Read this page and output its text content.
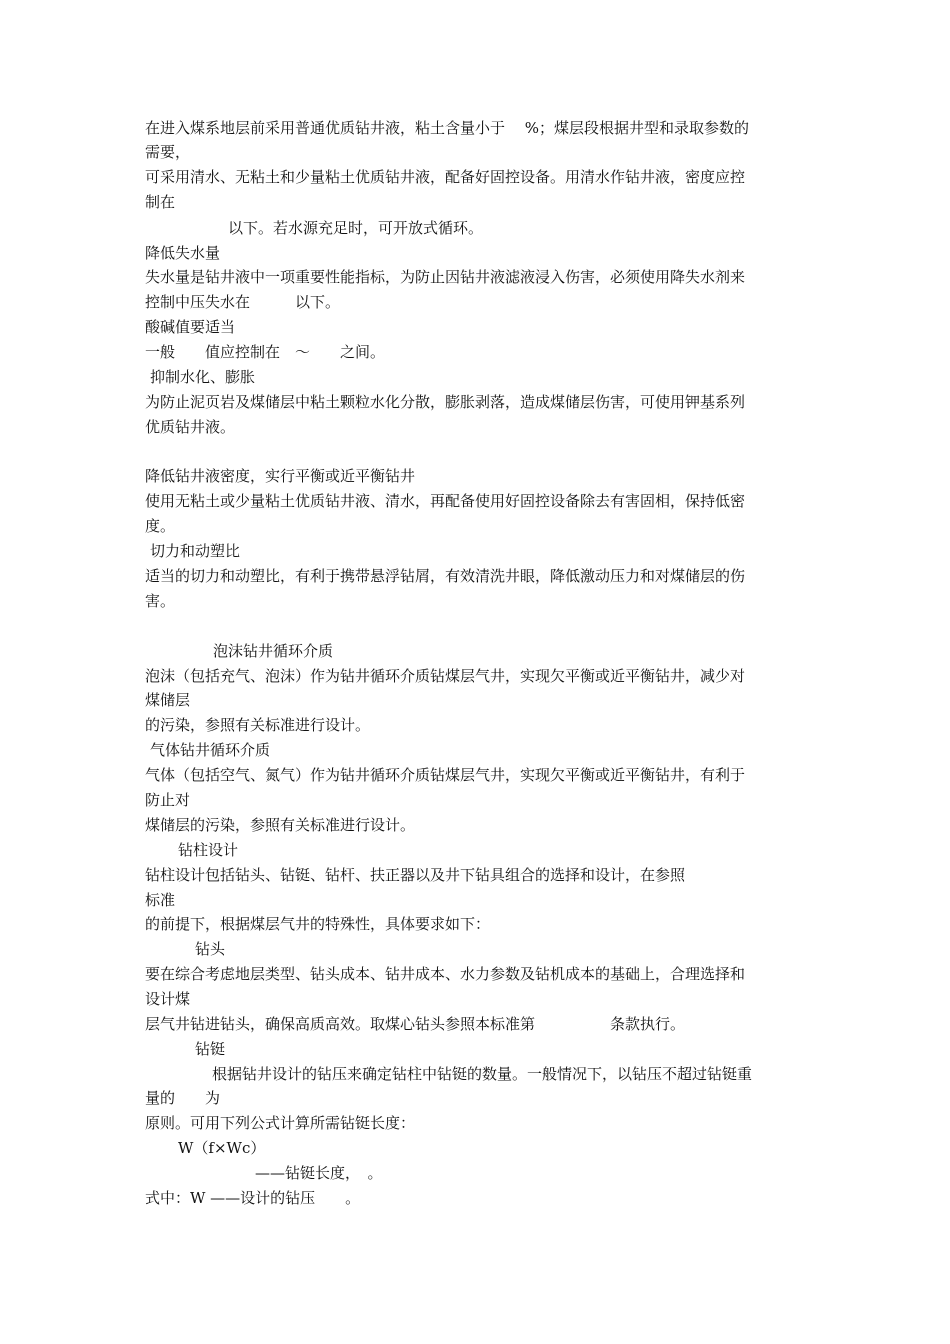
在进入煤系地层前采用普通优质钻井液，粘土含量小于　 %；煤层段根据井型和录取参数的

需要，

可采用清水、无粘土和少量粘土优质钻井液，配备好固控设备。用清水作钻井液，密度应控

制在

以下。若水源充足时，可开放式循环。

降低失水量

失水量是钻井液中一项重要性能指标，为防止因钻井液滤液浸入伤害，必须使用降失水剂来

控制中压失水在　　　以下。

酸碱值要适当

一般　　值应控制在　～　　之间。

抑制水化、膨胀

为防止泥页岩及煤储层中粘土颗粒水化分散，膨胀剥落，造成煤储层伤害，可使用钾基系列

优质钻井液。

降低钻井液密度，实行平衡或近平衡钻井

使用无粘土或少量粘土优质钻井液、清水，再配备使用好固控设备除去有害固相，保持低密

度。

切力和动塑比

适当的切力和动塑比，有利于携带悬浮钻屑，有效清洗井眼，降低激动压力和对煤储层的伤

害。

泡沫钻井循环介质

泡沫（包括充气、泡沫）作为钻井循环介质钻煤层气井，实现欠平衡或近平衡钻井，减少对

煤储层

的污染，参照有关标准进行设计。

气体钻井循环介质

气体（包括空气、氮气）作为钻井循环介质钻煤层气井，实现欠平衡或近平衡钻井，有利于

防止对

煤储层的污染，参照有关标准进行设计。

钻柱设计

钻柱设计包括钻头、钻铤、钻杆、扶正器以及井下钻具组合的选择和设计，在参照

标准

的前提下，根据煤层气井的特殊性，具体要求如下：

钻头

要在综合考虑地层类型、钻头成本、钻井成本、水力参数及钻机成本的基础上，合理选择和

设计煤

层气井钻进钻头，确保高质高效。取煤心钻头参照本标准第　　　　　条款执行。

钻铤

根据钻井设计的钻压来确定钻柱中钻铤的数量。一般情况下，以钻压不超过钻铤重

量的　　为

原则。可用下列公式计算所需钻铤长度：

W（f×Wc）

——钻铤长度，　。

式中：W ——设计的钻压　　。
